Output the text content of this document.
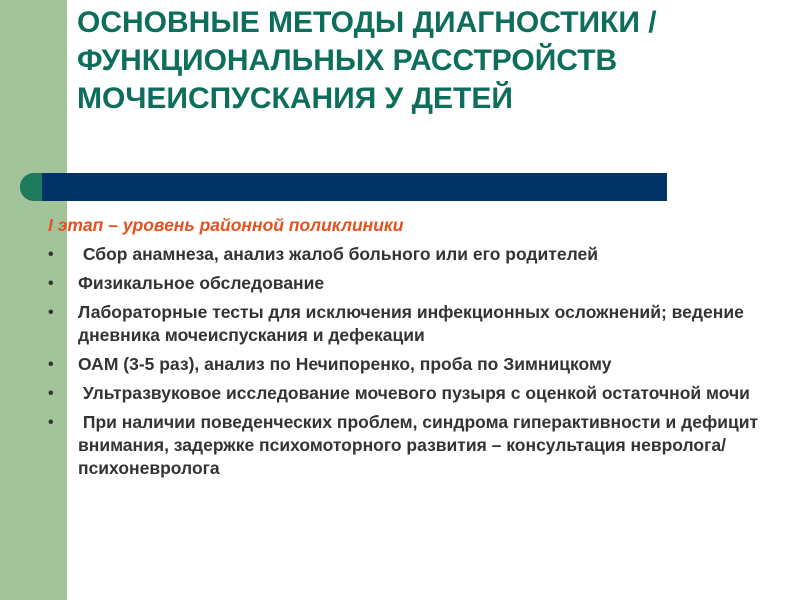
ОСНОВНЫЕ МЕТОДЫ ДИАГНОСТИКИ / ФУНКЦИОНАЛЬНЫХ РАССТРОЙСТВ МОЧЕИСПУСКАНИЯ У ДЕТЕЙ
I этап – уровень районной поликлиники
•	Сбор анамнеза, анализ жалоб больного или его родителей
•	Физикальное обследование
•	Лабораторные тесты для исключения инфекционных осложнений; ведение дневника мочеиспускания и дефекации
•	ОАМ (3-5 раз), анализ по Нечипоренко, проба по Зимницкому
•	Ультразвуковое исследование мочевого пузыря с оценкой остаточной мочи
•	При наличии поведенческих проблем, синдрома гиперактивности и дефицит внимания, задержке психомоторного развития – консультация невролога/ психоневролога
